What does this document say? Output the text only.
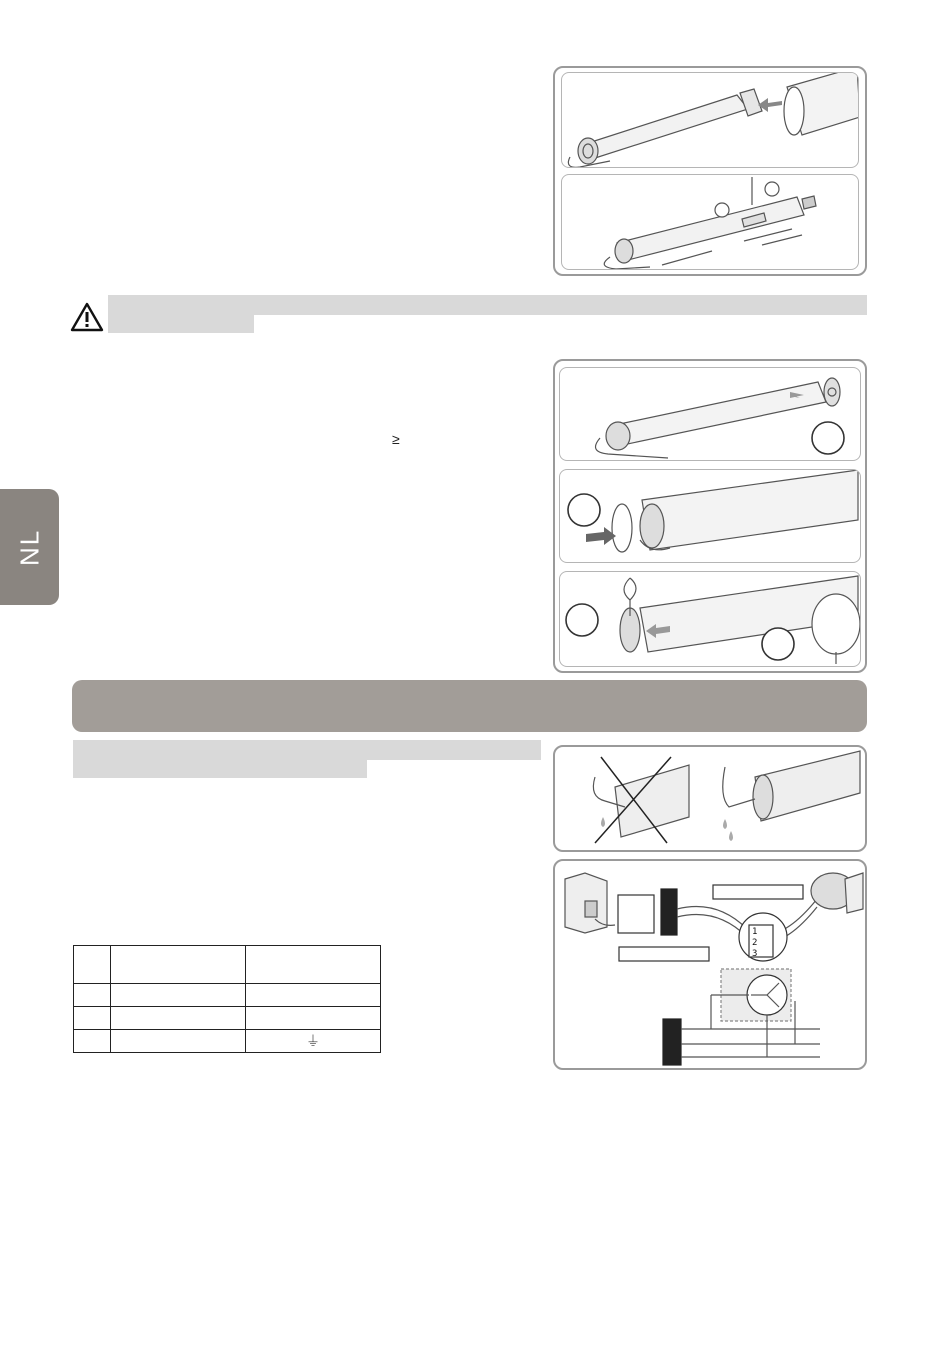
NL
≥
1
2
3

		⏚
